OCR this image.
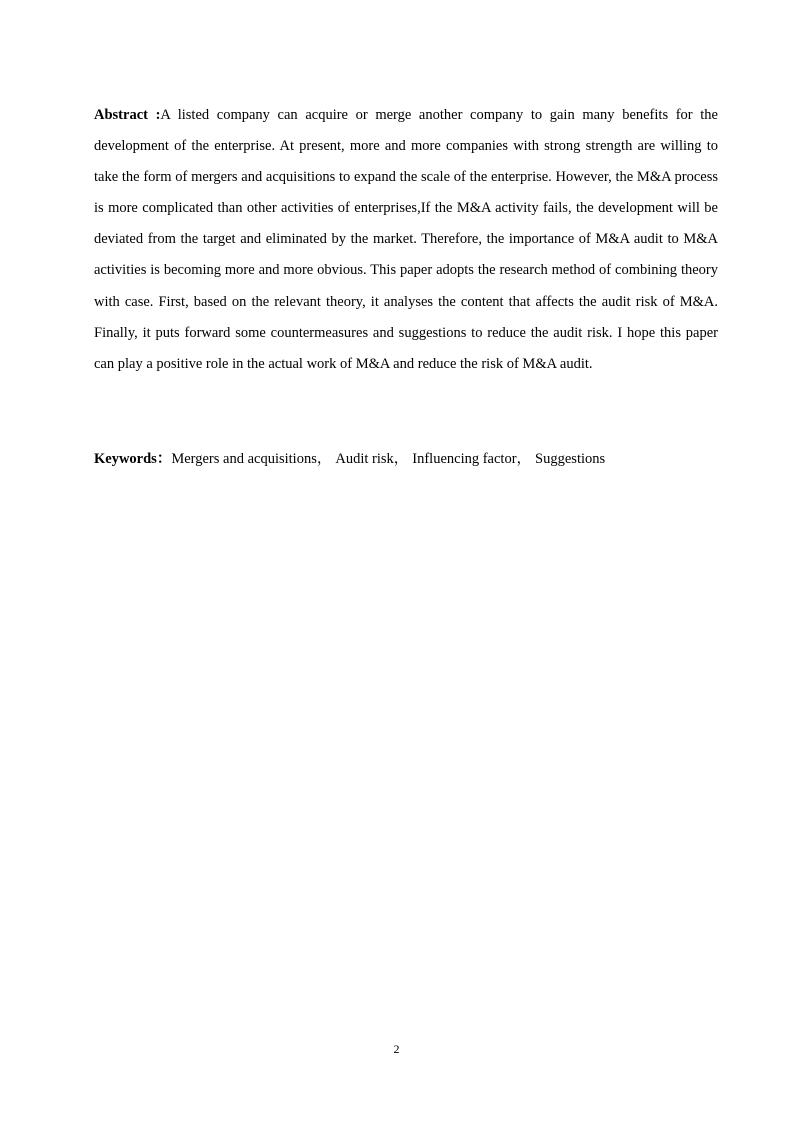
Abstract :A listed company can acquire or merge another company to gain many benefits for the development of the enterprise. At present, more and more companies with strong strength are willing to take the form of mergers and acquisitions to expand the scale of the enterprise. However, the M&A process is more complicated than other activities of enterprises,If the M&A activity fails, the development will be deviated from the target and eliminated by the market. Therefore, the importance of M&A audit to M&A activities is becoming more and more obvious. This paper adopts the research method of combining theory with case. First, based on the relevant theory, it analyses the content that affects the audit risk of M&A. Finally, it puts forward some countermeasures and suggestions to reduce the audit risk. I hope this paper can play a positive role in the actual work of M&A and reduce the risk of M&A audit.

Keywords：Mergers and acquisitions， Audit risk， Influencing factor， Suggestions

2
